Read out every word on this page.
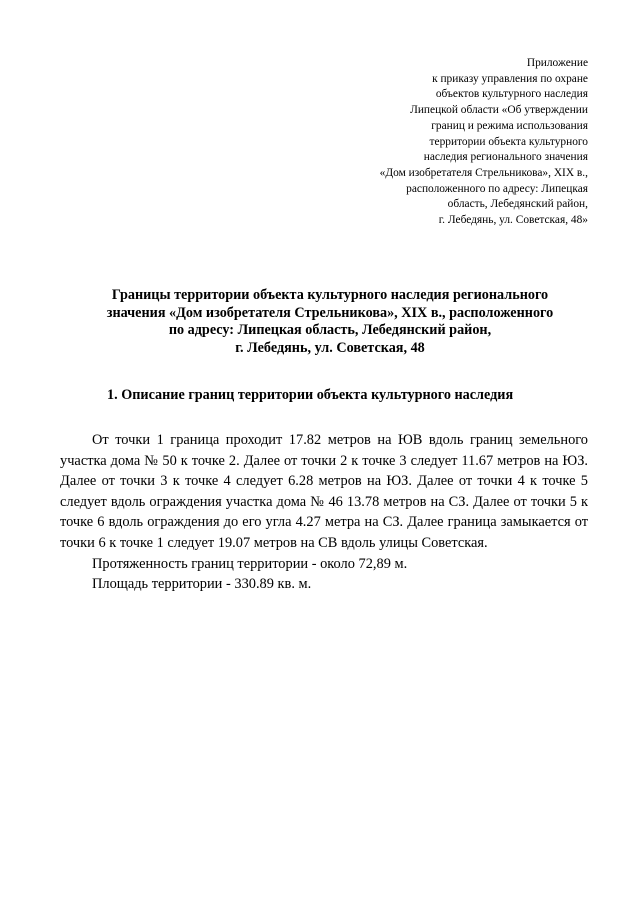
Приложение
к приказу управления по охране
объектов культурного наследия
Липецкой области «Об утверждении
границ и режима использования
территории объекта культурного
наследия регионального значения
«Дом изобретателя Стрельникова», XIX в.,
расположенного по адресу: Липецкая
область, Лебедянский район,
г. Лебедянь, ул. Советская, 48»
Границы территории объекта культурного наследия регионального
значения «Дом изобретателя Стрельникова», XIX в., расположенного
по адресу: Липецкая область, Лебедянский район,
г. Лебедянь, ул. Советская, 48
1. Описание границ территории объекта культурного наследия

От точки 1 граница проходит 17.82 метров на ЮВ вдоль границ земельного участка дома № 50 к точке 2. Далее от точки 2 к точке 3 следует 11.67 метров на ЮЗ. Далее от точки 3 к точке 4 следует 6.28 метров на ЮЗ. Далее от точки 4 к точке 5 следует вдоль ограждения участка дома № 46 13.78 метров на СЗ. Далее от точки 5 к точке 6 вдоль ограждения до его угла 4.27 метра на СЗ. Далее граница замыкается от точки 6 к точке 1 следует 19.07 метров на СВ вдоль улицы Советская.

Протяженность границ территории - около 72,89 м.

Площадь территории - 330.89 кв. м.
